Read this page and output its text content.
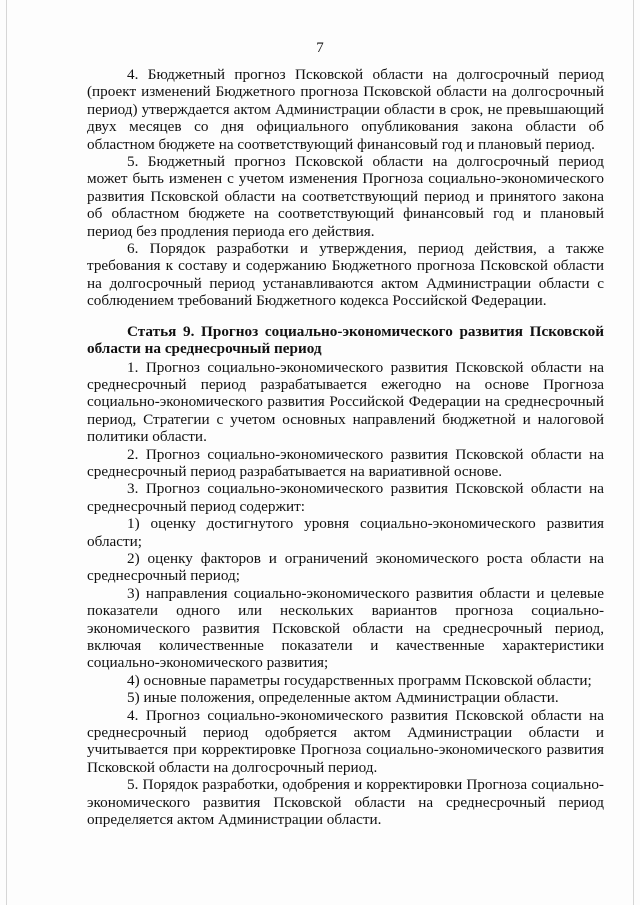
7

4. Бюджетный прогноз Псковской области на долгосрочный период (проект изменений Бюджетного прогноза Псковской области на долгосрочный период) утверждается актом Администрации области в срок, не превышающий двух месяцев со дня официального опубликования закона области об областном бюджете на соответствующий финансовый год и плановый период.

5. Бюджетный прогноз Псковской области на долгосрочный период может быть изменен с учетом изменения Прогноза социально-экономического развития Псковской области на соответствующий период и принятого закона об областном бюджете на соответствующий финансовый год и плановый период без продления периода его действия.

6. Порядок разработки и утверждения, период действия, а также требования к составу и содержанию Бюджетного прогноза Псковской области на долгосрочный период устанавливаются актом Администрации области с соблюдением требований Бюджетного кодекса Российской Федерации.

Статья 9. Прогноз социально-экономического развития Псковской области на среднесрочный период

1. Прогноз социально-экономического развития Псковской области на среднесрочный период разрабатывается ежегодно на основе Прогноза социально-экономического развития Российской Федерации на среднесрочный период, Стратегии с учетом основных направлений бюджетной и налоговой политики области.

2. Прогноз социально-экономического развития Псковской области на среднесрочный период разрабатывается на вариативной основе.

3. Прогноз социально-экономического развития Псковской области на среднесрочный период содержит:

1) оценку достигнутого уровня социально-экономического развития области;

2) оценку факторов и ограничений экономического роста области на среднесрочный период;

3) направления социально-экономического развития области и целевые показатели одного или нескольких вариантов прогноза социально-экономического развития Псковской области на среднесрочный период, включая количественные показатели и качественные характеристики социально-экономического развития;

4) основные параметры государственных программ Псковской области;

5) иные положения, определенные актом Администрации области.

4. Прогноз социально-экономического развития Псковской области на среднесрочный период одобряется актом Администрации области и учитывается при корректировке Прогноза социально-экономического развития Псковской области на долгосрочный период.

5. Порядок разработки, одобрения и корректировки Прогноза социально-экономического развития Псковской области на среднесрочный период определяется актом Администрации области.
